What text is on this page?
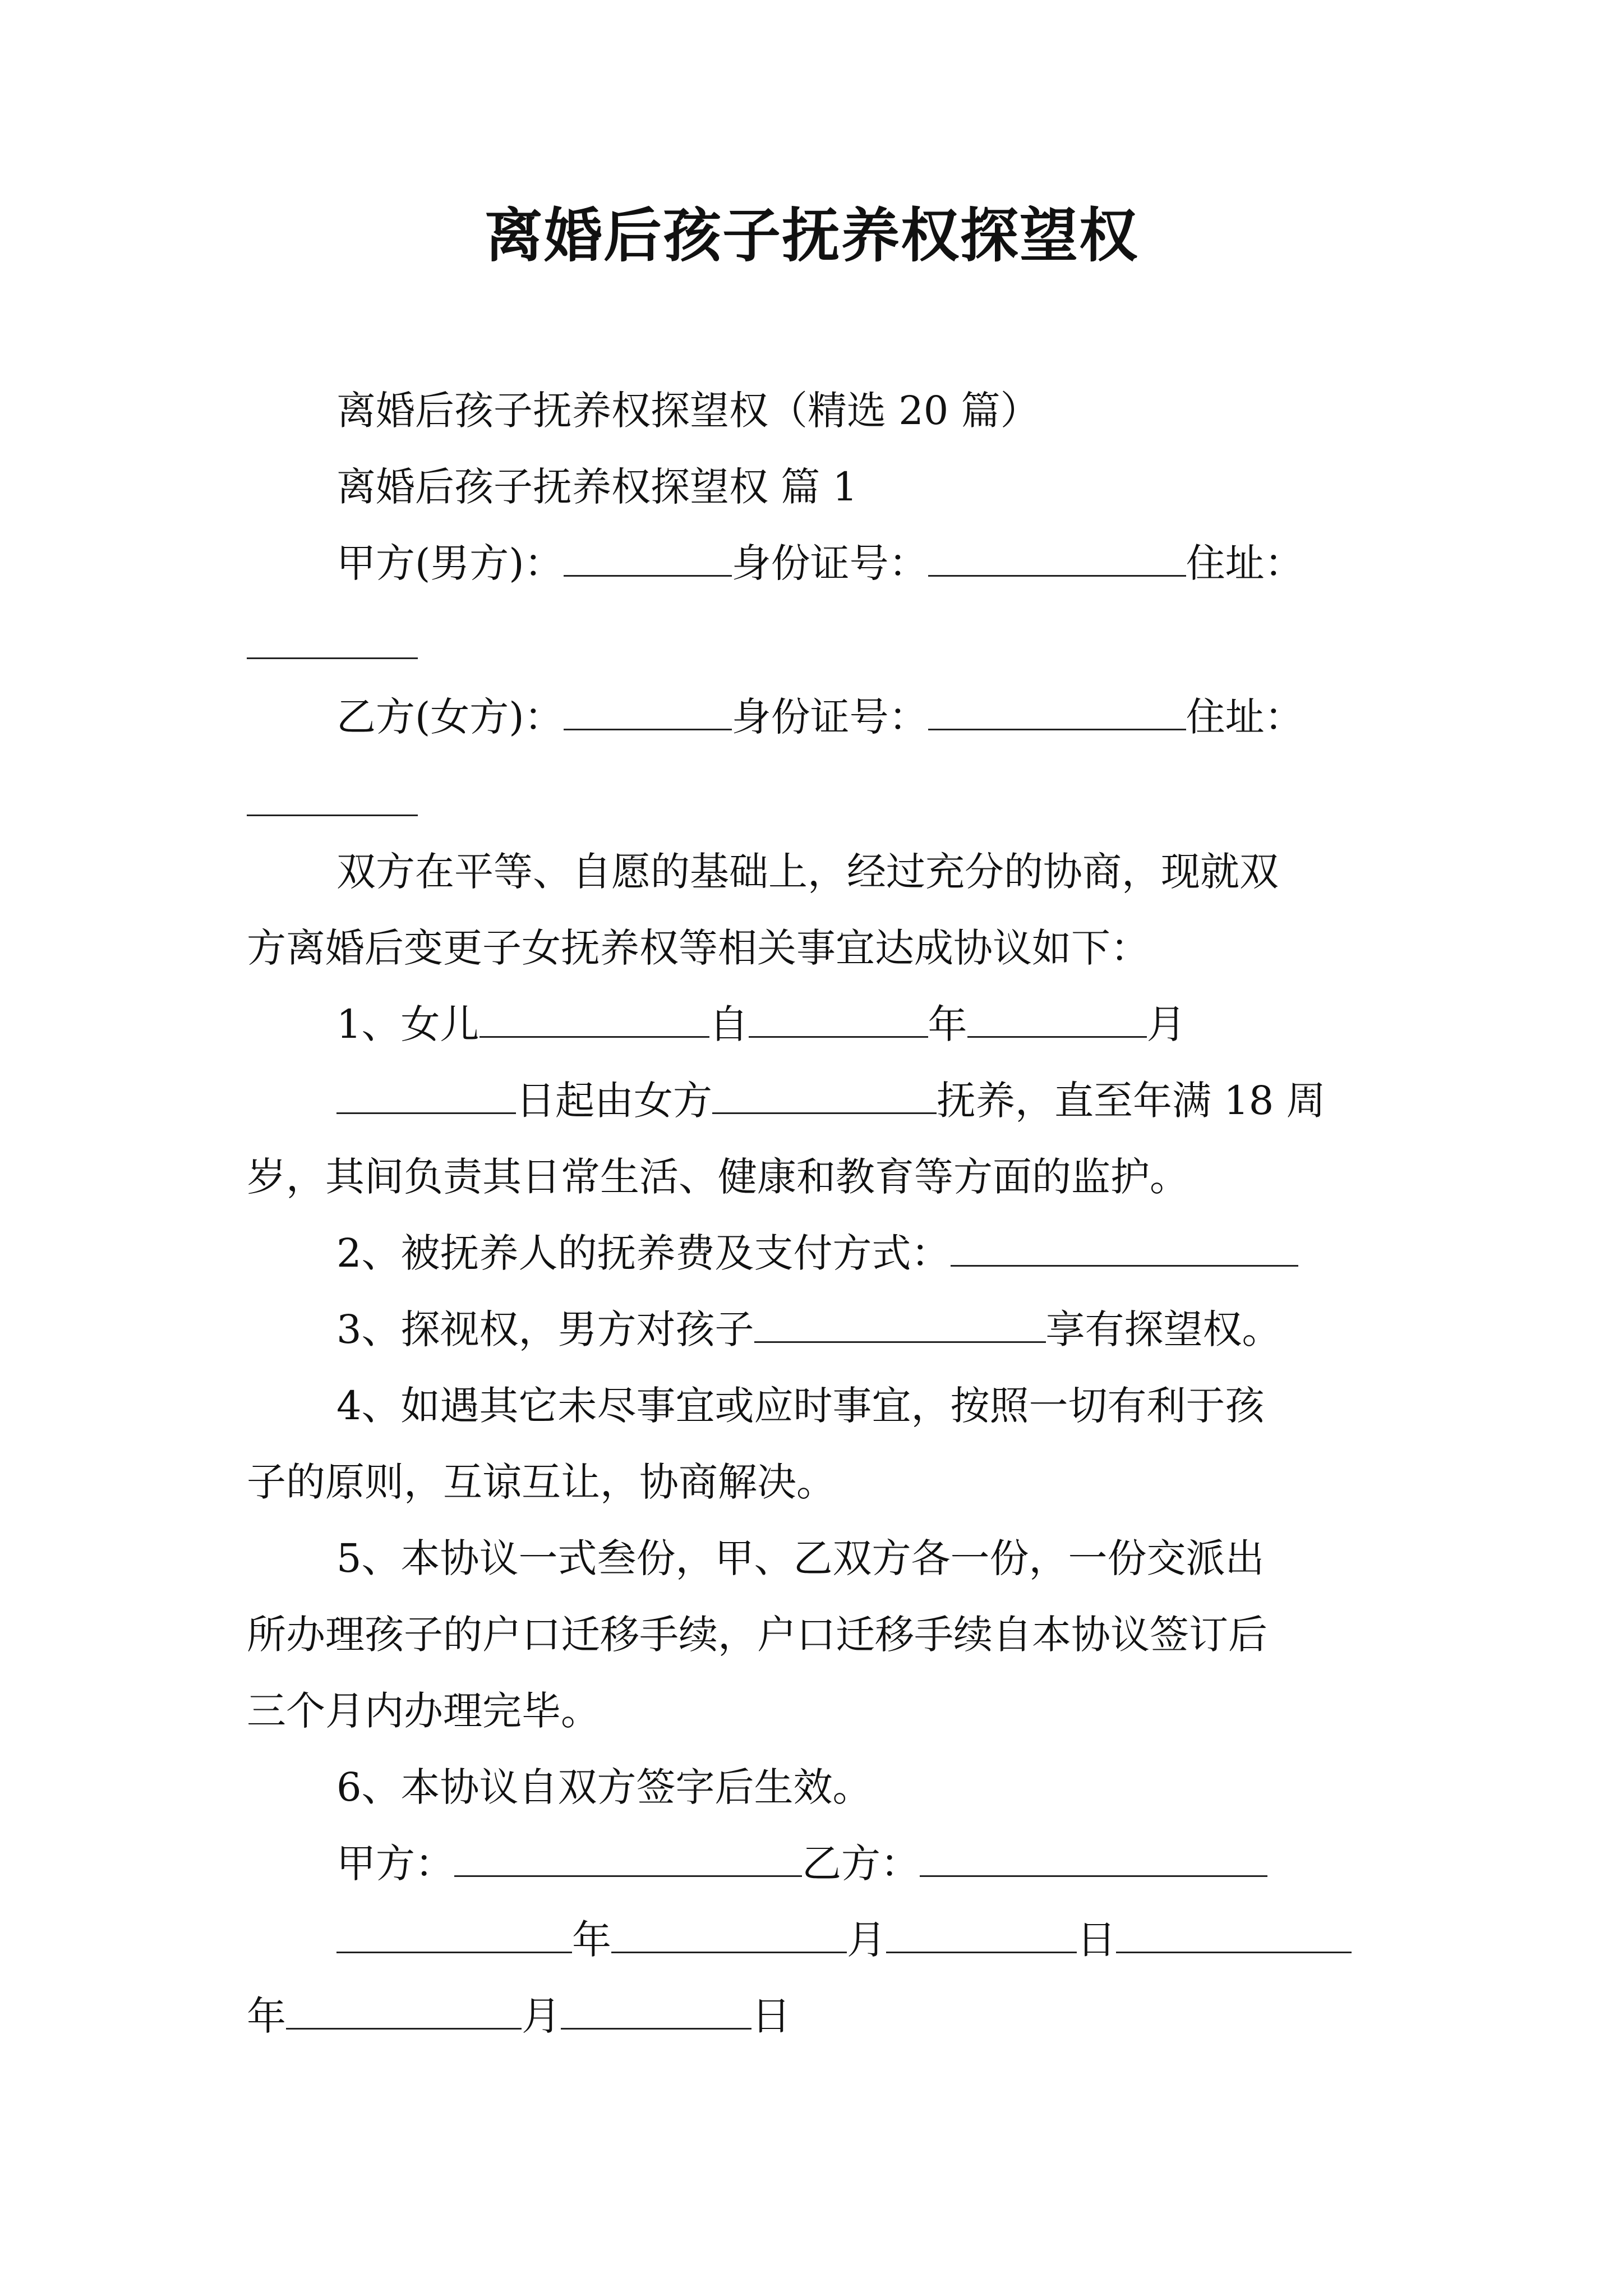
离婚后孩子抚养权探望权
离婚后孩子抚养权探望权（精选 20 篇）
离婚后孩子抚养权探望权 篇 1
甲方(男方)：	身份证号：	住址：
乙方(女方)：	身份证号：	住址：
双方在平等、自愿的基础上，经过充分的协商，现就双
方离婚后变更子女抚养权等相关事宜达成协议如下：
1、女儿	自	年	月
日起由女方	抚养，直至年满 18 周
岁，其间负责其日常生活、健康和教育等方面的监护。
2、被抚养人的抚养费及支付方式：
3、探视权，男方对孩子	享有探望权。
4、如遇其它未尽事宜或应时事宜，按照一切有利于孩
子的原则，互谅互让，协商解决。
5、本协议一式叁份，甲、乙双方各一份，一份交派出
所办理孩子的户口迁移手续，户口迁移手续自本协议签订后
三个月内办理完毕。
6、本协议自双方签字后生效。
甲方：	乙方：
年	月	日
年	月	日
